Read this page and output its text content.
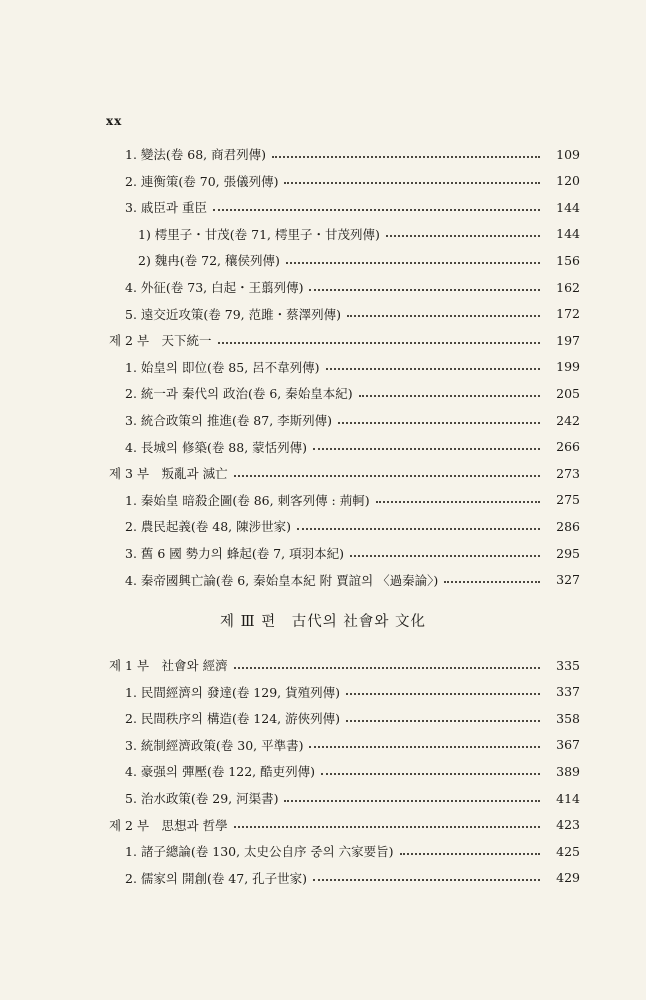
xx
1. 變法(卷 68, 商君列傳)	109
2. 連衡策(卷 70, 張儀列傳)	120
3. 戚臣과 重臣	144
1) 樗里子・甘茂(卷 71, 樗里子・甘茂列傳)	144
2) 魏冉(卷 72, 穰侯列傳)	156
4. 外征(卷 73, 白起・王翦列傳)	162
5. 遠交近攻策(卷 79, 范雎・蔡澤列傳)	172
제 2 부　天下統一	197
1. 始皇의 即位(卷 85, 呂不韋列傳)	199
2. 統一과 秦代의 政治(卷 6, 秦始皇本紀)	205
3. 統合政策의 推進(卷 87, 李斯列傳)	242
4. 長城의 修築(卷 88, 蒙恬列傳)	266
제 3 부　叛亂과 滅亡	273
1. 秦始皇 暗殺企圖(卷 86, 刺客列傳 : 荊軻)	275
2. 農民起義(卷 48, 陳涉世家)	286
3. 舊 6 國 勢力의 蜂起(卷 7, 項羽本紀)	295
4. 秦帝國興亡論(卷 6, 秦始皇本紀 附 賈誼의 〈過秦論〉)	327
제 Ⅲ 편　古代의 社會와 文化
제 1 부　社會와 經濟	335
1. 民間經濟의 發達(卷 129, 貨殖列傳)	337
2. 民間秩序의 構造(卷 124, 游俠列傳)	358
3. 統制經濟政策(卷 30, 平準書)	367
4. 豪强의 彈壓(卷 122, 酷吏列傳)	389
5. 治水政策(卷 29, 河渠書)	414
제 2 부　思想과 哲學	423
1. 諸子總論(卷 130, 太史公自序 중의 六家要旨)	425
2. 儒家의 開創(卷 47, 孔子世家)	429
